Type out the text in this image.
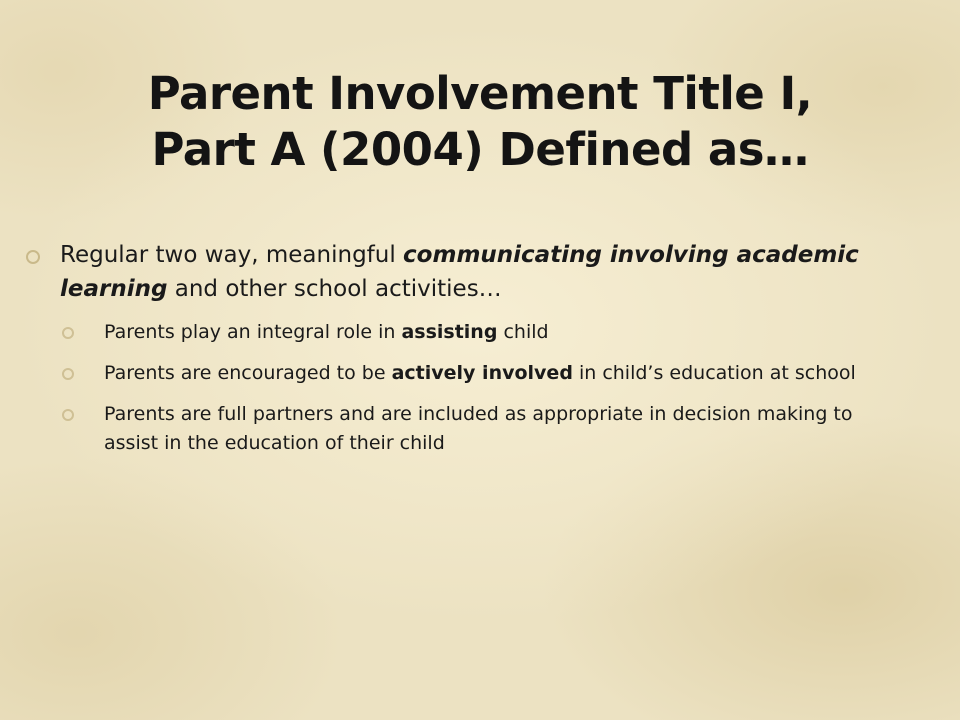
Parent Involvement Title I,
Part A (2004) Defined as…
Regular two way, meaningful communicating involving academic learning and other school activities…
Parents play an integral role in assisting child
Parents are encouraged to be actively involved in child’s education at school
Parents are full partners and are included as appropriate in decision making to assist in the education of their child
